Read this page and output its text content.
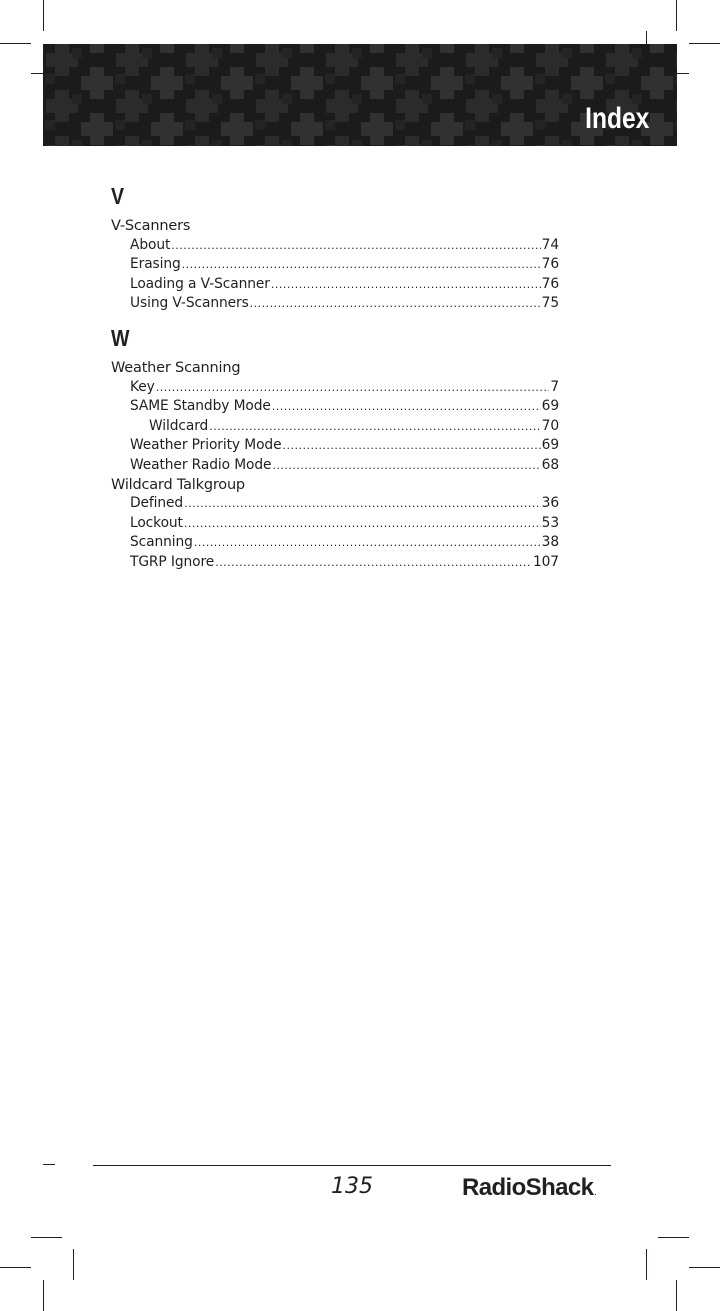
Index
V
V-Scanners
About .....	74
Erasing .....	76
Loading a V-Scanner .....	76
Using V-Scanners .....	75
W
Weather Scanning
Key .....	7
SAME Standby Mode .....	69
Wildcard .....	70
Weather Priority Mode .....	69
Weather Radio Mode .....	68
Wildcard Talkgroup
Defined .....	36
Lockout .....	53
Scanning .....	38
TGRP Ignore .....	107
135	RadioShack.
